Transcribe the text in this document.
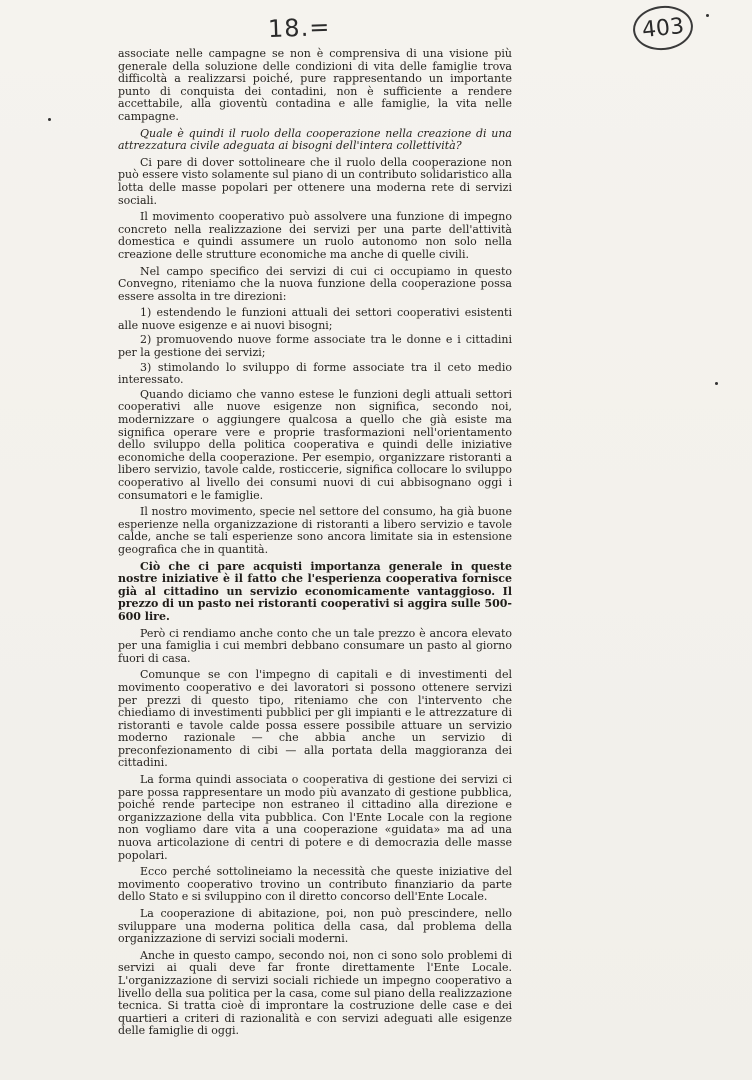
18.=	403

associate nelle campagne se non è comprensiva di una visione più generale della soluzione delle condizioni di vita delle famiglie trova difficoltà a realizzarsi poiché, pure rappresentando un importante punto di conquista dei contadini, non è sufficiente a rendere accettabile, alla gioventù contadina e alle famiglie, la vita nelle campagne.

Quale è quindi il ruolo della cooperazione nella creazione di una attrezzatura civile adeguata ai bisogni dell'intera collettività?

Ci pare di dover sottolineare che il ruolo della cooperazione non può essere visto solamente sul piano di un contributo solidaristico alla lotta delle masse popolari per ottenere una moderna rete di servizi sociali.

Il movimento cooperativo può assolvere una funzione di impegno concreto nella realizzazione dei servizi per una parte dell'attività domestica e quindi assumere un ruolo autonomo non solo nella creazione delle strutture economiche ma anche di quelle civili.

Nel campo specifico dei servizi di cui ci occupiamo in questo Convegno, riteniamo che la nuova funzione della cooperazione possa essere assolta in tre direzioni:

1) estendendo le funzioni attuali dei settori cooperativi esistenti alle nuove esigenze e ai nuovi bisogni;

2) promuovendo nuove forme associate tra le donne e i cittadini per la gestione dei servizi;

3) stimolando lo sviluppo di forme associate tra il ceto medio interessato.

Quando diciamo che vanno estese le funzioni degli attuali settori cooperativi alle nuove esigenze non significa, secondo noi, modernizzare o aggiungere qualcosa a quello che già esiste ma significa operare vere e proprie trasformazioni nell'orientamento dello sviluppo della politica cooperativa e quindi delle iniziative economiche della cooperazione. Per esempio, organizzare ristoranti a libero servizio, tavole calde, rosticcerie, significa collocare lo sviluppo cooperativo al livello dei consumi nuovi di cui abbisognano oggi i consumatori e le famiglie.

Il nostro movimento, specie nel settore del consumo, ha già buone esperienze nella organizzazione di ristoranti a libero servizio e tavole calde, anche se tali esperienze sono ancora limitate sia in estensione geografica che in quantità.

Ciò che ci pare acquisti importanza generale in queste nostre iniziative è il fatto che l'esperienza cooperativa fornisce già al cittadino un servizio economicamente vantaggioso. Il prezzo di un pasto nei ristoranti cooperativi si aggira sulle 500-600 lire.

Però ci rendiamo anche conto che un tale prezzo è ancora elevato per una famiglia i cui membri debbano consumare un pasto al giorno fuori di casa.

Comunque se con l'impegno di capitali e di investimenti del movimento cooperativo e dei lavoratori si possono ottenere servizi per prezzi di questo tipo, riteniamo che con l'intervento che chiediamo di investimenti pubblici per gli impianti e le attrezzature di ristoranti e tavole calde possa essere possibile attuare un servizio moderno razionale — che abbia anche un servizio di preconfezionamento di cibi — alla portata della maggioranza dei cittadini.

La forma quindi associata o cooperativa di gestione dei servizi ci pare possa rappresentare un modo più avanzato di gestione pubblica, poiché rende partecipe non estraneo il cittadino alla direzione e organizzazione della vita pubblica. Con l'Ente Locale con la regione non vogliamo dare vita a una cooperazione «guidata» ma ad una nuova articolazione di centri di potere e di democrazia delle masse popolari.

Ecco perché sottolineiamo la necessità che queste iniziative del movimento cooperativo trovino un contributo finanziario da parte dello Stato e si sviluppino con il diretto concorso dell'Ente Locale.

La cooperazione di abitazione, poi, non può prescindere, nello sviluppare una moderna politica della casa, dal problema della organizzazione di servizi sociali moderni.

Anche in questo campo, secondo noi, non ci sono solo problemi di servizi ai quali deve far fronte direttamente l'Ente Locale. L'organizzazione di servizi sociali richiede un impegno cooperativo a livello della sua politica per la casa, come sul piano della realizzazione tecnica. Si tratta cioè di improntare la costruzione delle case e dei quartieri a criteri di razionalità e con servizi adeguati alle esigenze delle famiglie di oggi.
